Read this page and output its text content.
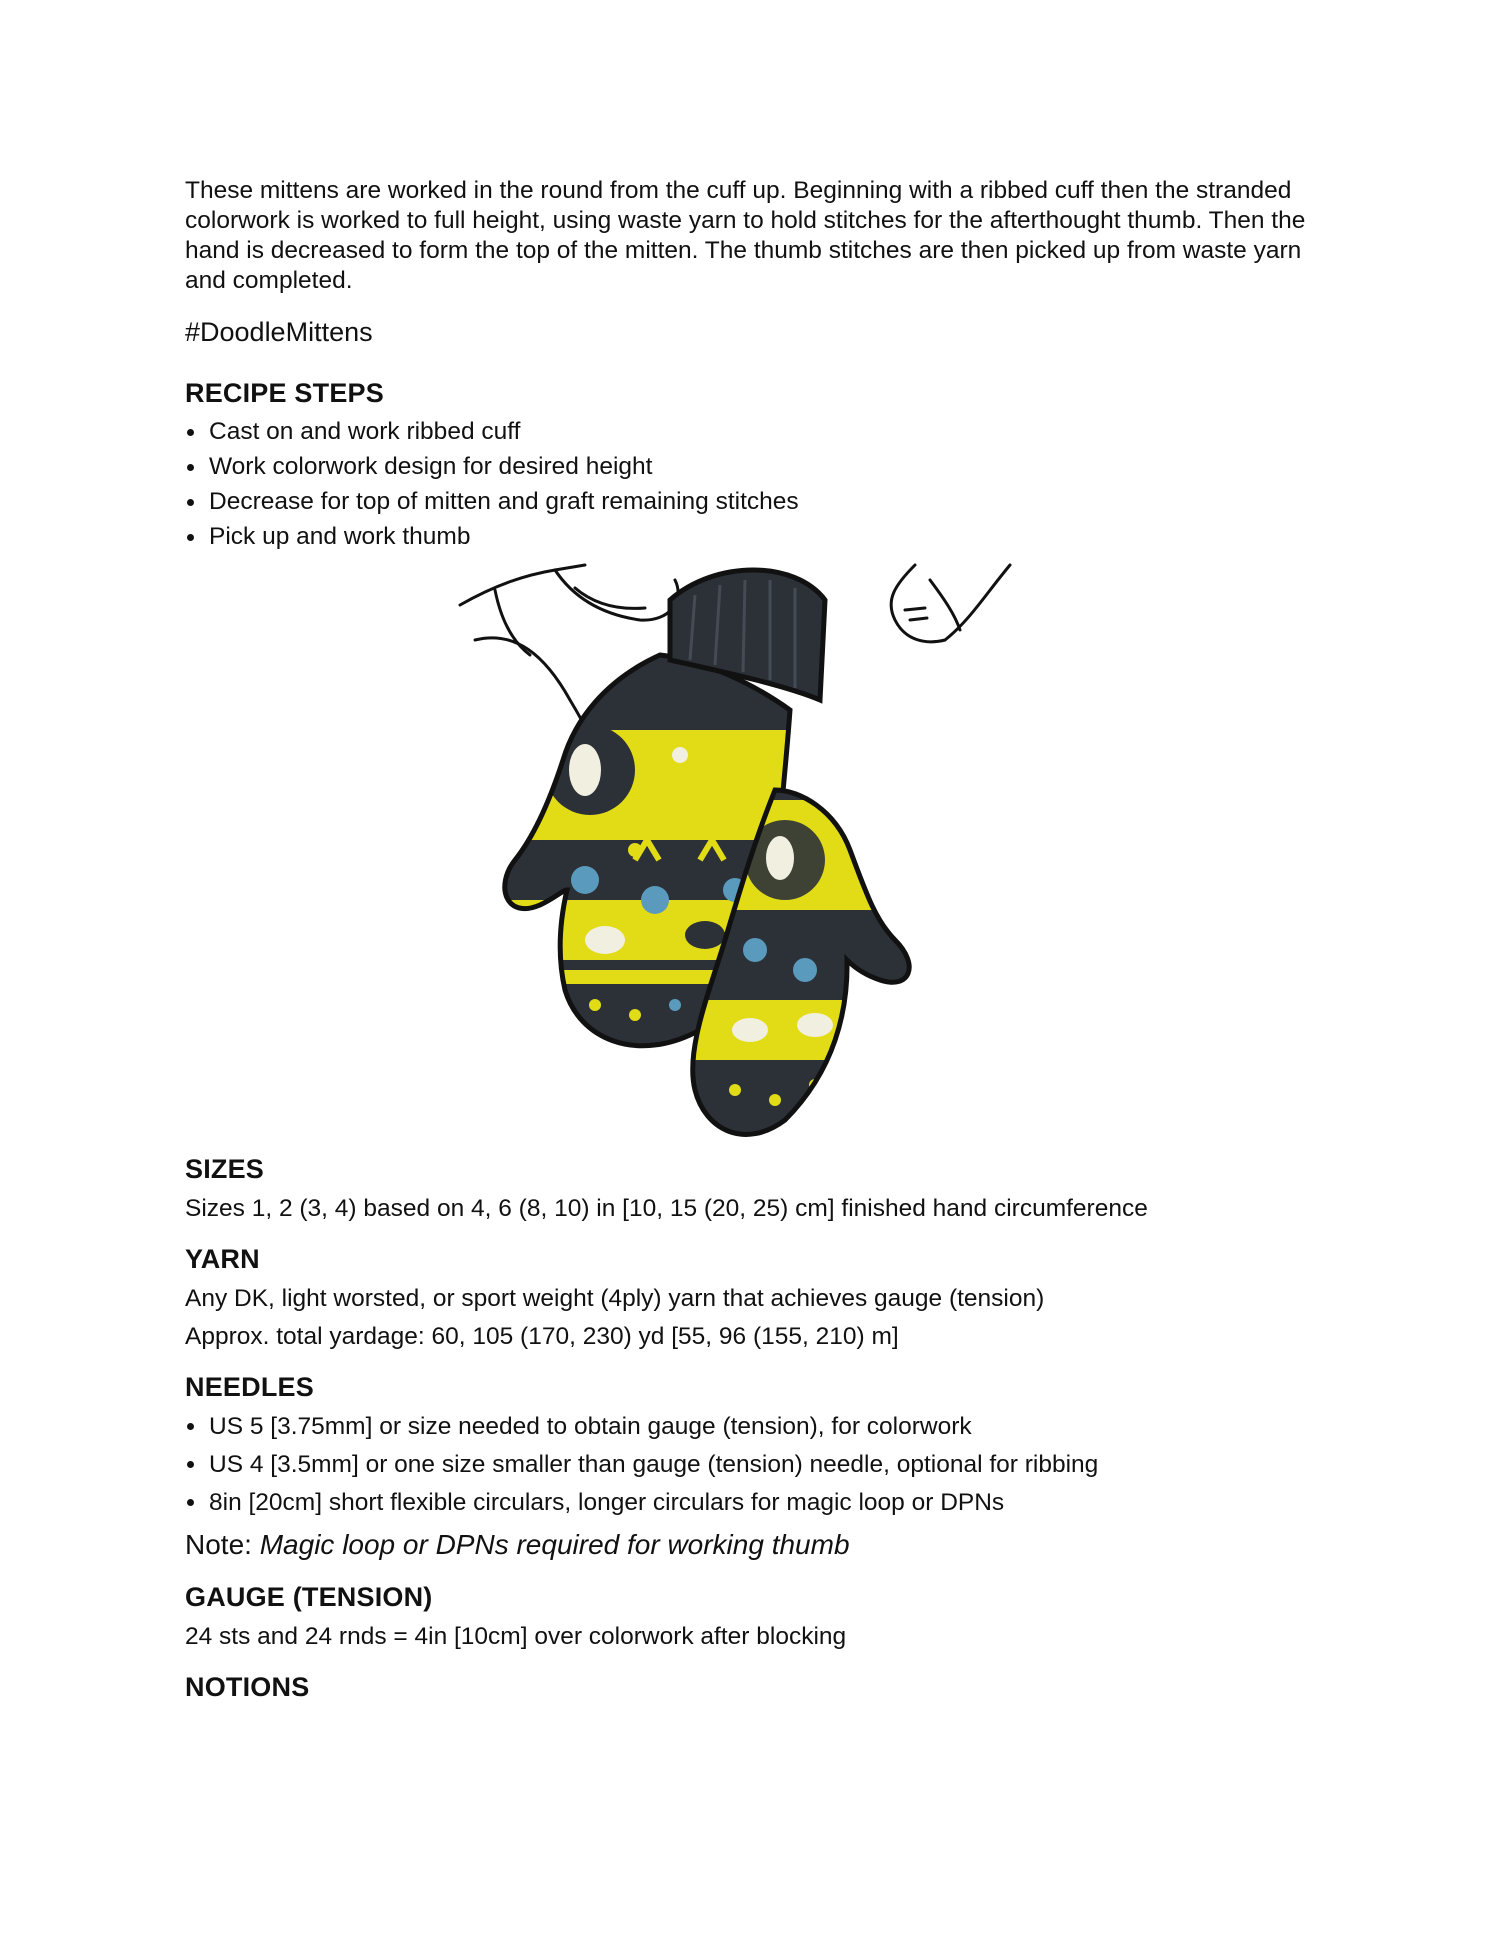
These mittens are worked in the round from the cuff up. Beginning with a ribbed cuff then the stranded colorwork is worked to full height, using waste yarn to hold stitches for the afterthought thumb. Then the hand is decreased to form the top of the mitten. The thumb stitches are then picked up from waste yarn and completed.

#DoodleMittens

RECIPE STEPS
Cast on and work ribbed cuff
Work colorwork design for desired height
Decrease for top of mitten and graft remaining stitches
Pick up and work thumb
SIZES

Sizes 1, 2 (3, 4) based on 4, 6 (8, 10) in [10, 15 (20, 25) cm] finished hand circumference

YARN

Any DK, light worsted, or sport weight (4ply) yarn that achieves gauge (tension)

Approx. total yardage: 60, 105 (170, 230) yd [55, 96 (155, 210) m]

NEEDLES
US 5 [3.75mm] or size needed to obtain gauge (tension), for colorwork
US 4 [3.5mm] or one size smaller than gauge (tension) needle, optional for ribbing
8in [20cm] short flexible circulars, longer circulars for magic loop or DPNs

Note: Magic loop or DPNs required for working thumb

GAUGE (TENSION)

24 sts and 24 rnds = 4in [10cm] over colorwork after blocking

NOTIONS
